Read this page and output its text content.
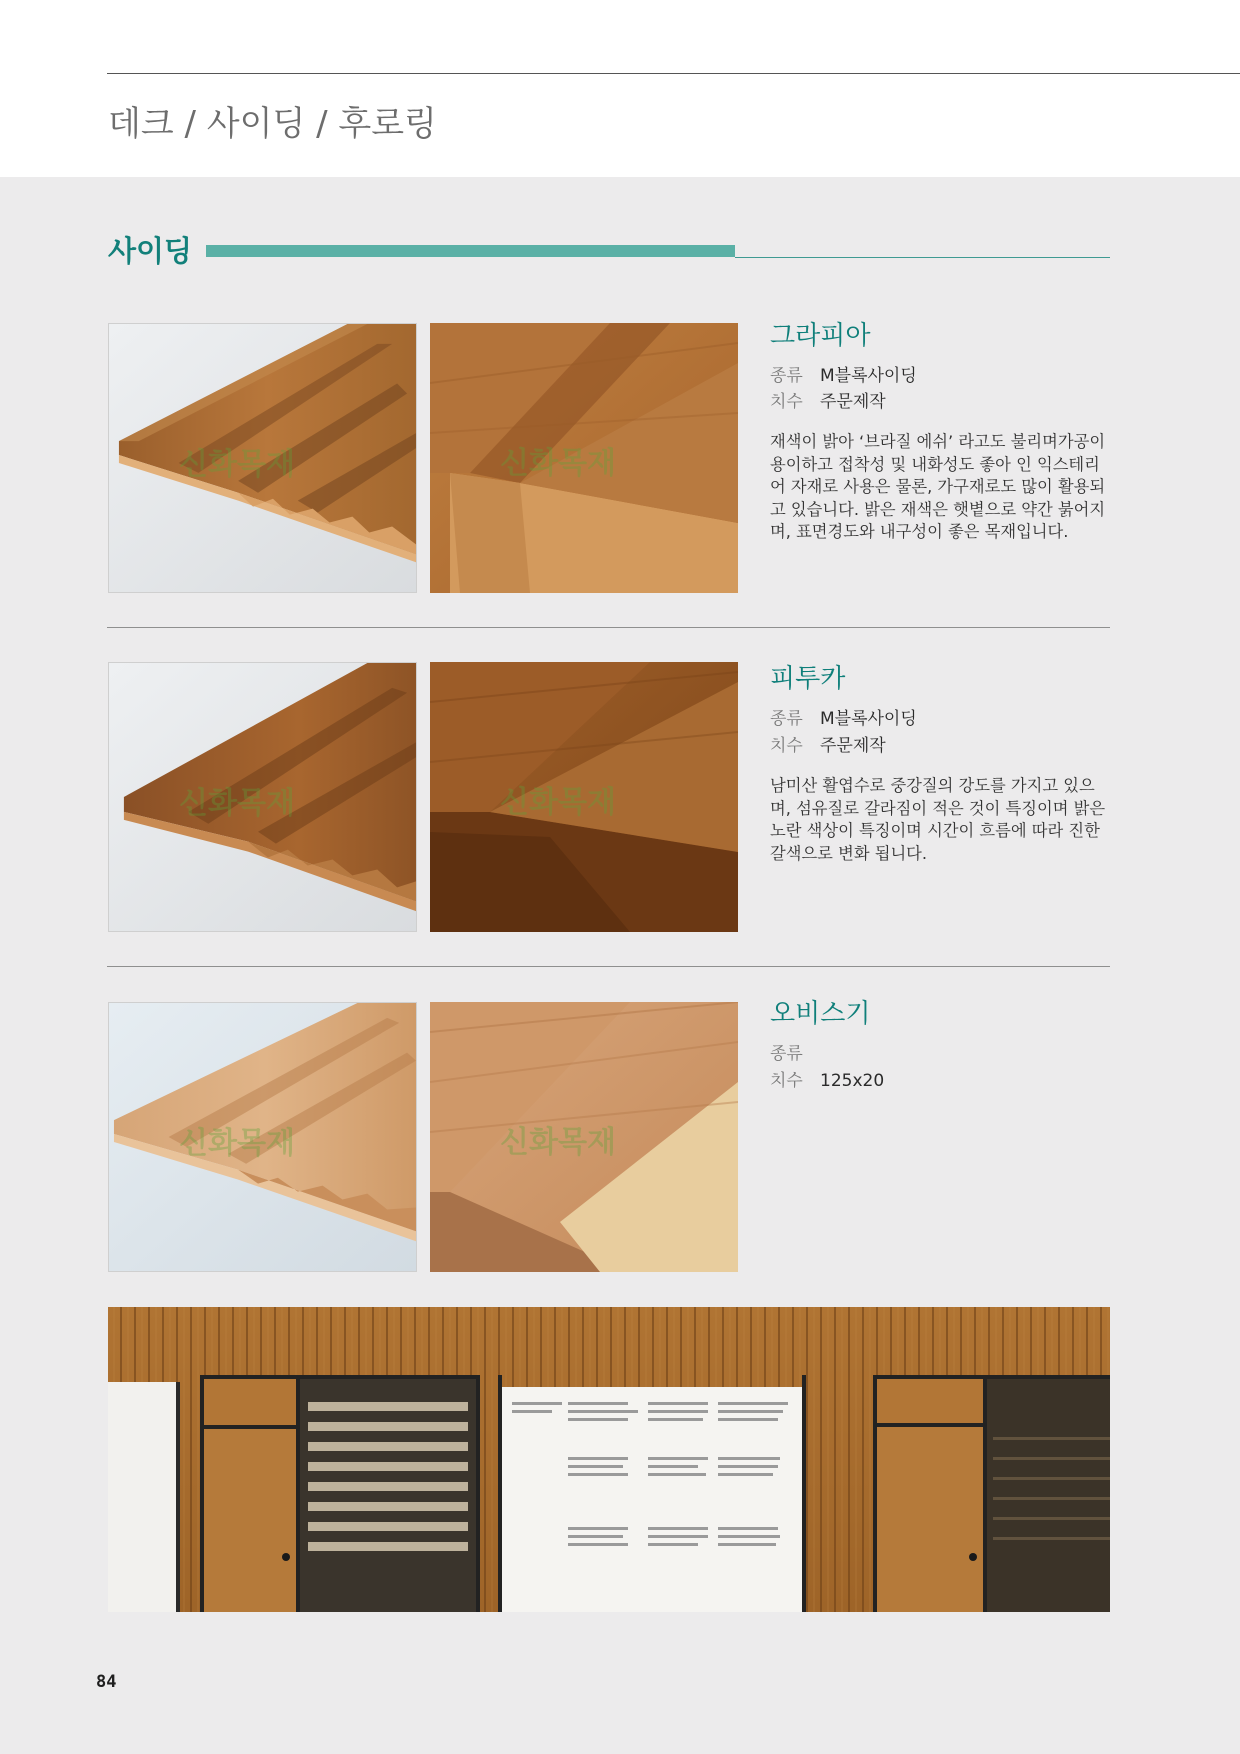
데크 / 사이딩 / 후로링
사이딩
신화목재	신화목재
그라피아
종류 M블록사이딩
치수 주문제작
재색이 밝아 ‘브라질 에쉬’ 라고도 불리며가공이 용이하고 접착성 및 내화성도 좋아 인 익스테리어 자재로 사용은 물론, 가구재로도 많이 활용되고 있습니다. 밝은 재색은 햇볕으로 약간 붉어지며, 표면경도와 내구성이 좋은 목재입니다.
신화목재	신화목재
피투카
종류 M블록사이딩
치수 주문제작
남미산 활엽수로 중강질의 강도를 가지고 있으며, 섬유질로 갈라짐이 적은 것이 특징이며 밝은 노란 색상이 특징이며 시간이 흐름에 따라 진한 갈색으로 변화 됩니다.
신화목재	신화목재
오비스기
종류
치수 125x20
84
